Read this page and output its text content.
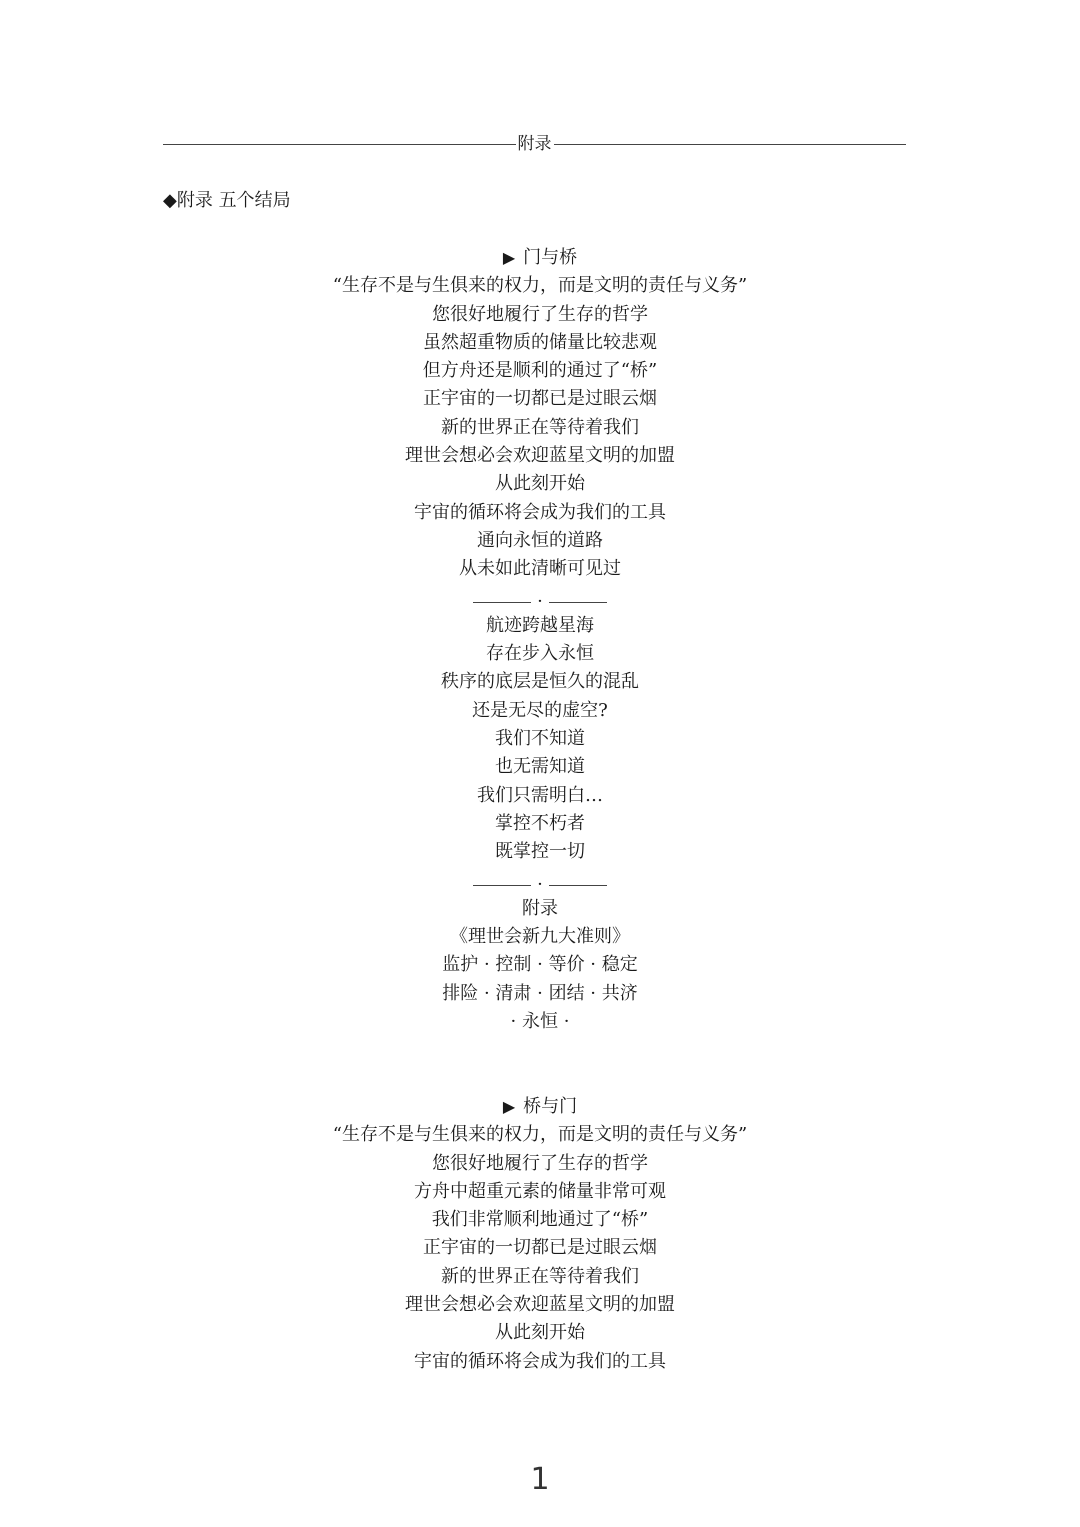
附录
◆附录 五个结局
▶ 门与桥
“生存不是与生俱来的权力，而是文明的责任与义务”
您很好地履行了生存的哲学
虽然超重物质的储量比较悲观
但方舟还是顺利的通过了“桥”
正宇宙的一切都已是过眼云烟
新的世界正在等待着我们
理世会想必会欢迎蓝星文明的加盟
从此刻开始
宇宙的循环将会成为我们的工具
通向永恒的道路
从未如此清晰可见过
·
航迹跨越星海
存在步入永恒
秩序的底层是恒久的混乱
还是无尽的虚空?
我们不知道
也无需知道
我们只需明白…
掌控不朽者
既掌控一切
·
附录
《理世会新九大准则》
监护 · 控制 · 等价 · 稳定
排险 · 清肃 · 团结 · 共济
· 永恒 ·
▶ 桥与门
“生存不是与生俱来的权力，而是文明的责任与义务”
您很好地履行了生存的哲学
方舟中超重元素的储量非常可观
我们非常顺利地通过了“桥”
正宇宙的一切都已是过眼云烟
新的世界正在等待着我们
理世会想必会欢迎蓝星文明的加盟
从此刻开始
宇宙的循环将会成为我们的工具
1
